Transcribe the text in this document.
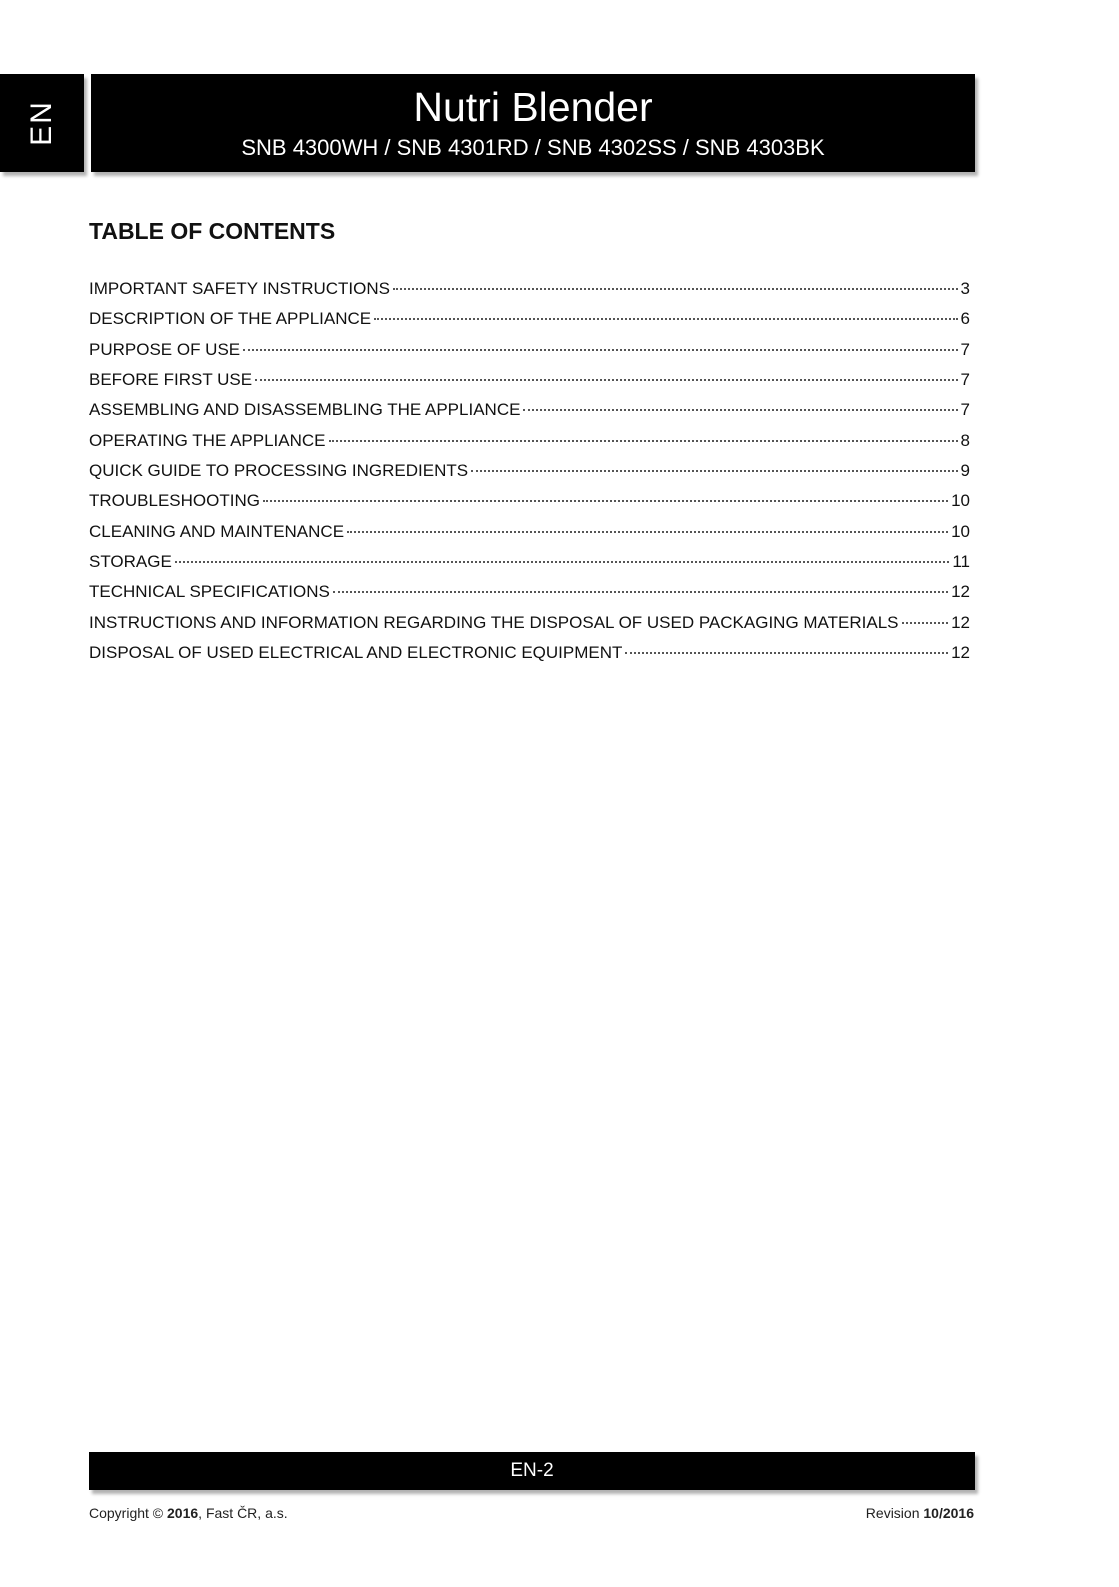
EN	Nutri Blender
SNB 4300WH / SNB 4301RD / SNB 4302SS / SNB 4303BK
TABLE OF CONTENTS
IMPORTANT SAFETY INSTRUCTIONS	3
DESCRIPTION OF THE APPLIANCE	6
PURPOSE OF USE	7
BEFORE FIRST USE	7
ASSEMBLING AND DISASSEMBLING THE APPLIANCE	7
OPERATING THE APPLIANCE	8
QUICK GUIDE TO PROCESSING INGREDIENTS	9
TROUBLESHOOTING	10
CLEANING AND MAINTENANCE	10
STORAGE	11
TECHNICAL SPECIFICATIONS	12
INSTRUCTIONS AND INFORMATION REGARDING THE DISPOSAL OF USED PACKAGING MATERIALS	12
DISPOSAL OF USED ELECTRICAL AND ELECTRONIC EQUIPMENT	12
EN-2
Copyright © 2016, Fast ČR, a.s.	Revision 10/2016
